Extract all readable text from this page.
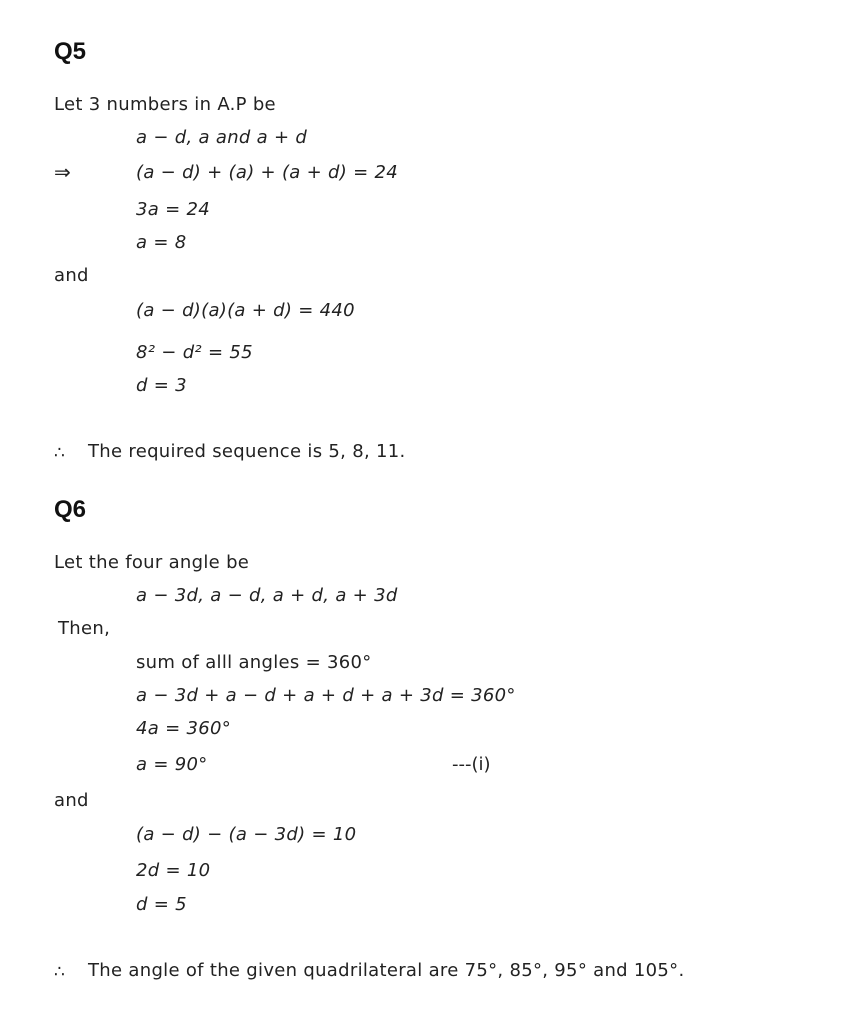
Q5
Let 3 numbers in A.P be
a − d, a and a + d
⇒	(a − d) + (a) + (a + d) = 24
3a = 24
a = 8
and
(a − d)(a)(a + d) = 440
8² − d² = 55
d = 3
∴ The required sequence is 5, 8, 11.
Q6
Let the four angle be
a − 3d, a − d, a + d, a + 3d
Then,
sum of alll angles = 360°
a − 3d + a − d + a + d + a + 3d = 360°
4a = 360°
a = 90°	---(i)
and
(a − d) − (a − 3d) = 10
2d = 10
d = 5
∴ The angle of the given quadrilateral are 75°, 85°, 95° and 105°.
